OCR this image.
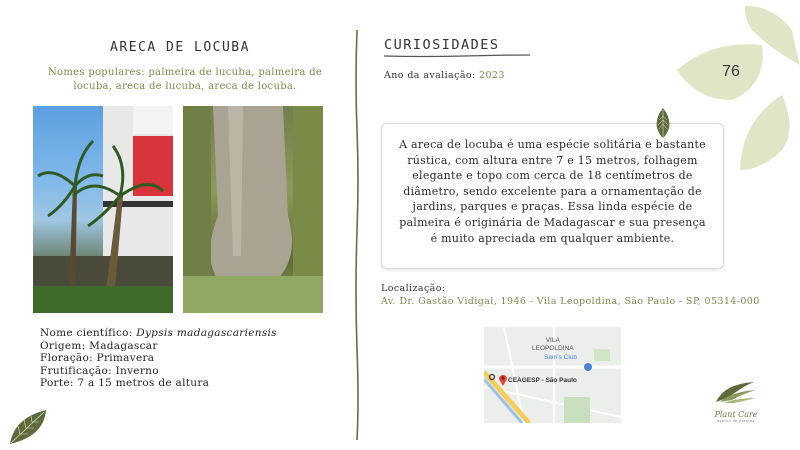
ARECA DE LOCUBA
Nomes populares: palmeira de lucuba, palmeira de locuba, areca de lucuba, areca de locuba.
Nome científico: Dypsis madagascariensis
Origem: Madagascar
Floração: Primavera
Frutificação: Inverno
Porte: 7 a 15 metros de altura
CURIOSIDADES
Ano da avaliação: 2023

A areca de locuba é uma espécie solitária e bastante rústica, com altura entre 7 e 15 metros, folhagem elegante e topo com cerca de 18 centímetros de diâmetro, sendo excelente para a ornamentação de jardins, parques e praças. Essa linda espécie de palmeira é originária de Madagascar e sua presença é muito apreciada em qualquer ambiente.

Localização:
Av. Dr. Gastão Vidigal, 1946 - Vila Leopoldina, São Paulo - SP, 05314-000
VILA
LEOPOLDINA
Sam's Club
CEAGESP - São Paulo
76
Plant Care
acervo de plantas
